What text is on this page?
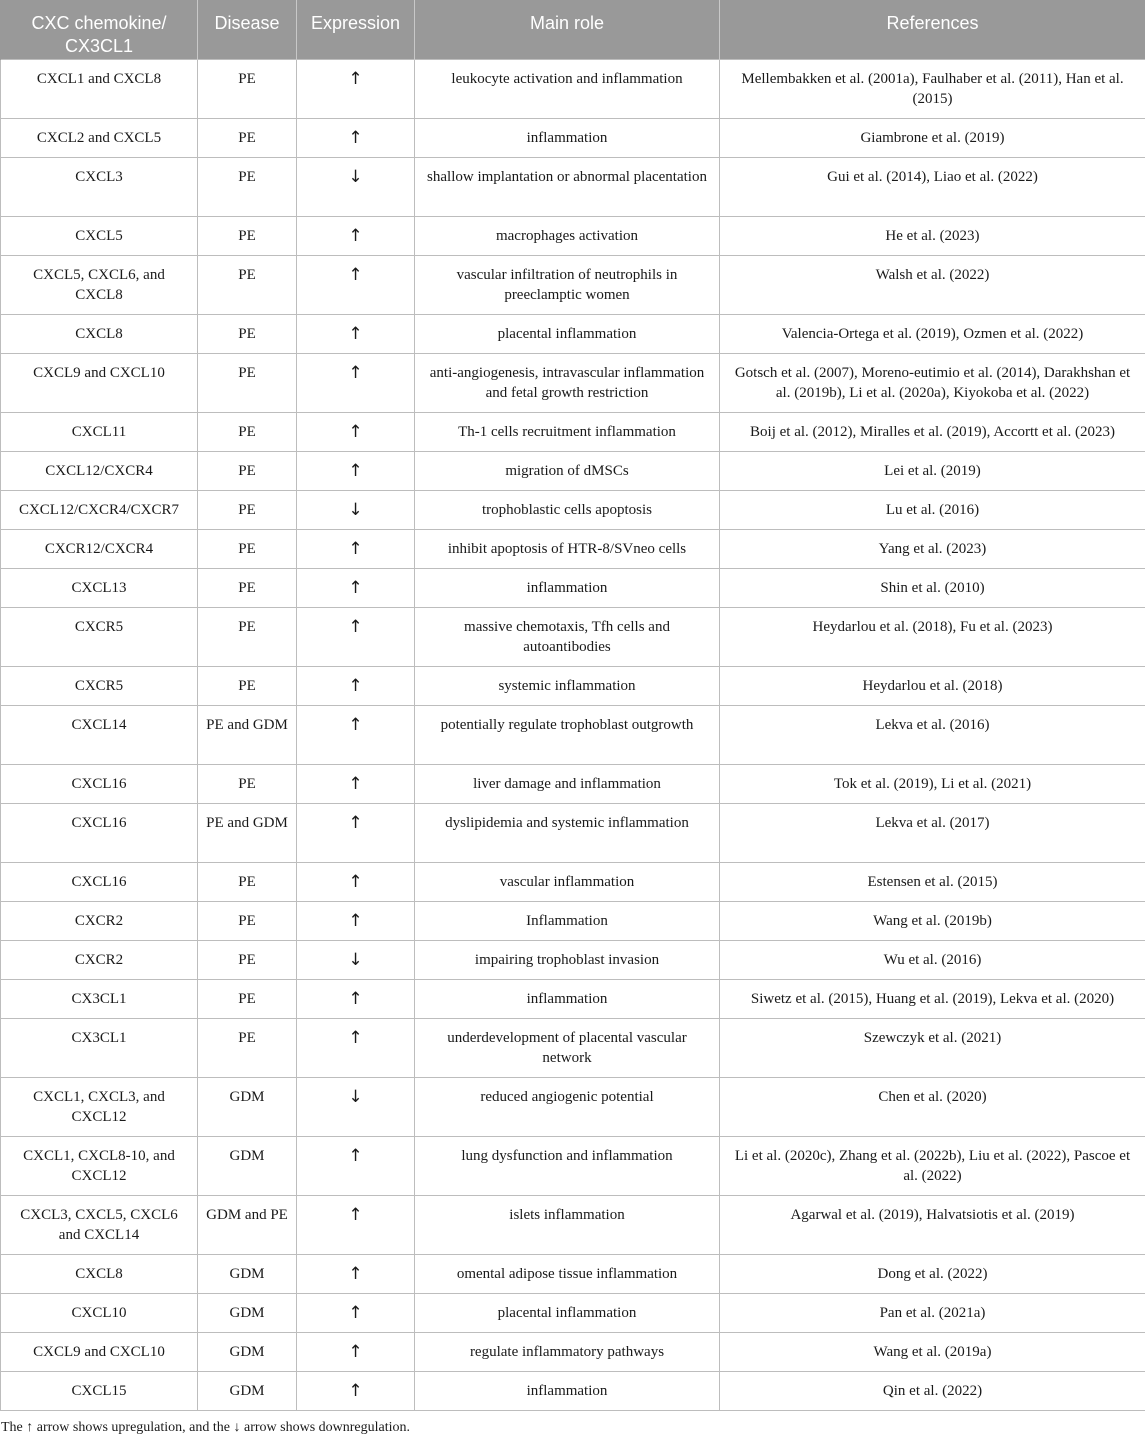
CXC chemokine/ CX3CL1	Disease	Expression	Main role	References
CXCL1 and CXCL8	PE	↑	leukocyte activation and inflammation	Mellembakken et al. (2001a), Faulhaber et al. (2011), Han et al. (2015)
CXCL2 and CXCL5	PE	↑	inflammation	Giambrone et al. (2019)
CXCL3	PE	↓	shallow implantation or abnormal placentation	Gui et al. (2014), Liao et al. (2022)
CXCL5	PE	↑	macrophages activation	He et al. (2023)
CXCL5, CXCL6, and CXCL8	PE	↑	vascular infiltration of neutrophils in preeclamptic women	Walsh et al. (2022)
CXCL8	PE	↑	placental inflammation	Valencia-Ortega et al. (2019), Ozmen et al. (2022)
CXCL9 and CXCL10	PE	↑	anti-angiogenesis, intravascular inflammation and fetal growth restriction	Gotsch et al. (2007), Moreno-eutimio et al. (2014), Darakhshan et al. (2019b), Li et al. (2020a), Kiyokoba et al. (2022)
CXCL11	PE	↑	Th-1 cells recruitment inflammation	Boij et al. (2012), Miralles et al. (2019), Accortt et al. (2023)
CXCL12/CXCR4	PE	↑	migration of dMSCs	Lei et al. (2019)
CXCL12/CXCR4/CXCR7	PE	↓	trophoblastic cells apoptosis	Lu et al. (2016)
CXCR12/CXCR4	PE	↑	inhibit apoptosis of HTR-8/SVneo cells	Yang et al. (2023)
CXCL13	PE	↑	inflammation	Shin et al. (2010)
CXCR5	PE	↑	massive chemotaxis, Tfh cells and autoantibodies	Heydarlou et al. (2018), Fu et al. (2023)
CXCR5	PE	↑	systemic inflammation	Heydarlou et al. (2018)
CXCL14	PE and GDM	↑	potentially regulate trophoblast outgrowth	Lekva et al. (2016)
CXCL16	PE	↑	liver damage and inflammation	Tok et al. (2019), Li et al. (2021)
CXCL16	PE and GDM	↑	dyslipidemia and systemic inflammation	Lekva et al. (2017)
CXCL16	PE	↑	vascular inflammation	Estensen et al. (2015)
CXCR2	PE	↑	Inflammation	Wang et al. (2019b)
CXCR2	PE	↓	impairing trophoblast invasion	Wu et al. (2016)
CX3CL1	PE	↑	inflammation	Siwetz et al. (2015), Huang et al. (2019), Lekva et al. (2020)
CX3CL1	PE	↑	underdevelopment of placental vascular network	Szewczyk et al. (2021)
CXCL1, CXCL3, and CXCL12	GDM	↓	reduced angiogenic potential	Chen et al. (2020)
CXCL1, CXCL8-10, and CXCL12	GDM	↑	lung dysfunction and inflammation	Li et al. (2020c), Zhang et al. (2022b), Liu et al. (2022), Pascoe et al. (2022)
CXCL3, CXCL5, CXCL6 and CXCL14	GDM and PE	↑	islets inflammation	Agarwal et al. (2019), Halvatsiotis et al. (2019)
CXCL8	GDM	↑	omental adipose tissue inflammation	Dong et al. (2022)
CXCL10	GDM	↑	placental inflammation	Pan et al. (2021a)
CXCL9 and CXCL10	GDM	↑	regulate inflammatory pathways	Wang et al. (2019a)
CXCL15	GDM	↑	inflammation	Qin et al. (2022)
The ↑ arrow shows upregulation, and the ↓ arrow shows downregulation.
